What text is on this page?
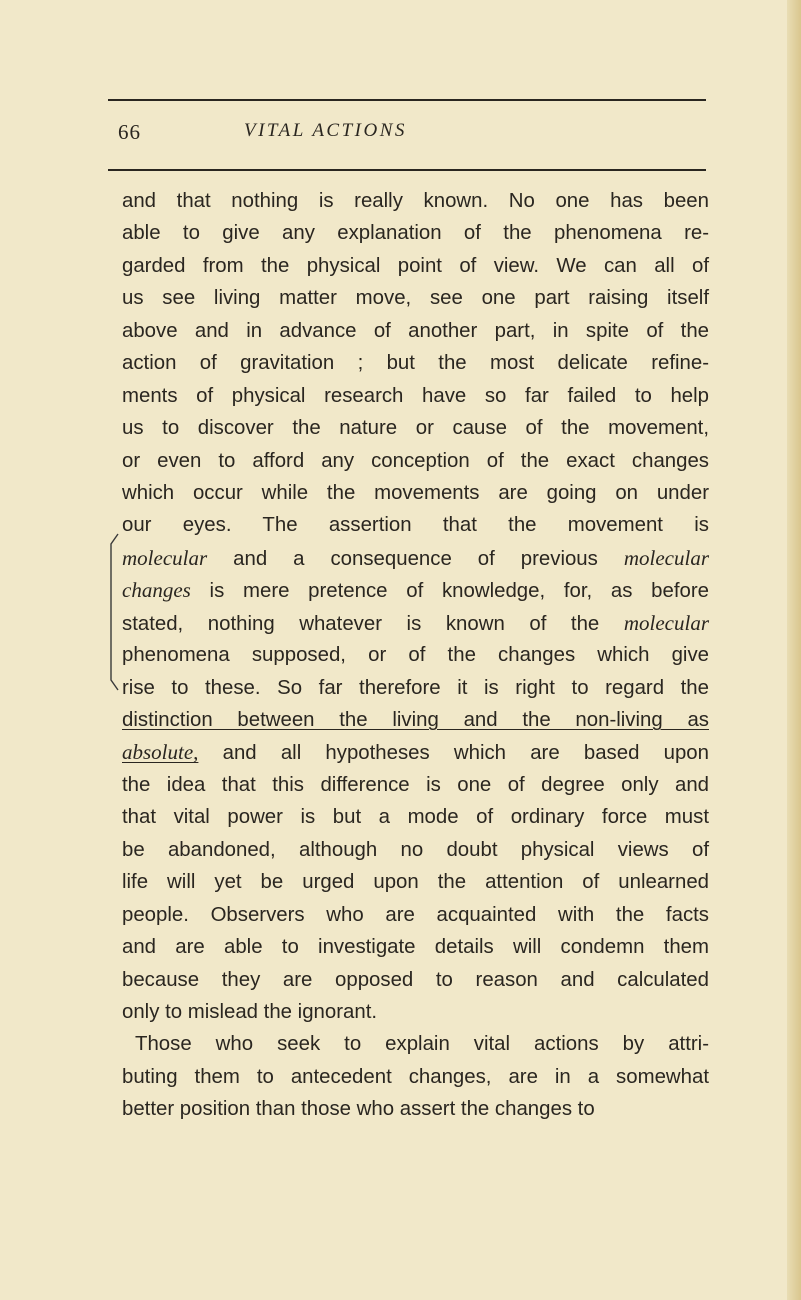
66	VITAL ACTIONS
and that nothing is really known. No one has been
able to give any explanation of the phenomena re-
garded from the physical point of view. We can all of
us see living matter move, see one part raising itself
above and in advance of another part, in spite of the
action of gravitation ; but the most delicate refine-
ments of physical research have so far failed to help
us to discover the nature or cause of the movement,
or even to afford any conception of the exact changes
which occur while the movements are going on under
our eyes. The assertion that the movement is
molecular and a consequence of previous molecular
changes is mere pretence of knowledge, for, as before
stated, nothing whatever is known of the molecular
phenomena supposed, or of the changes which give
rise to these. So far therefore it is right to regard the
distinction between the living and the non-living as
absolute, and all hypotheses which are based upon
the idea that this difference is one of degree only and
that vital power is but a mode of ordinary force must
be abandoned, although no doubt physical views of
life will yet be urged upon the attention of unlearned
people. Observers who are acquainted with the facts
and are able to investigate details will condemn them
because they are opposed to reason and calculated
only to mislead the ignorant.
Those who seek to explain vital actions by attri-
buting them to antecedent changes, are in a somewhat
better position than those who assert the changes to
